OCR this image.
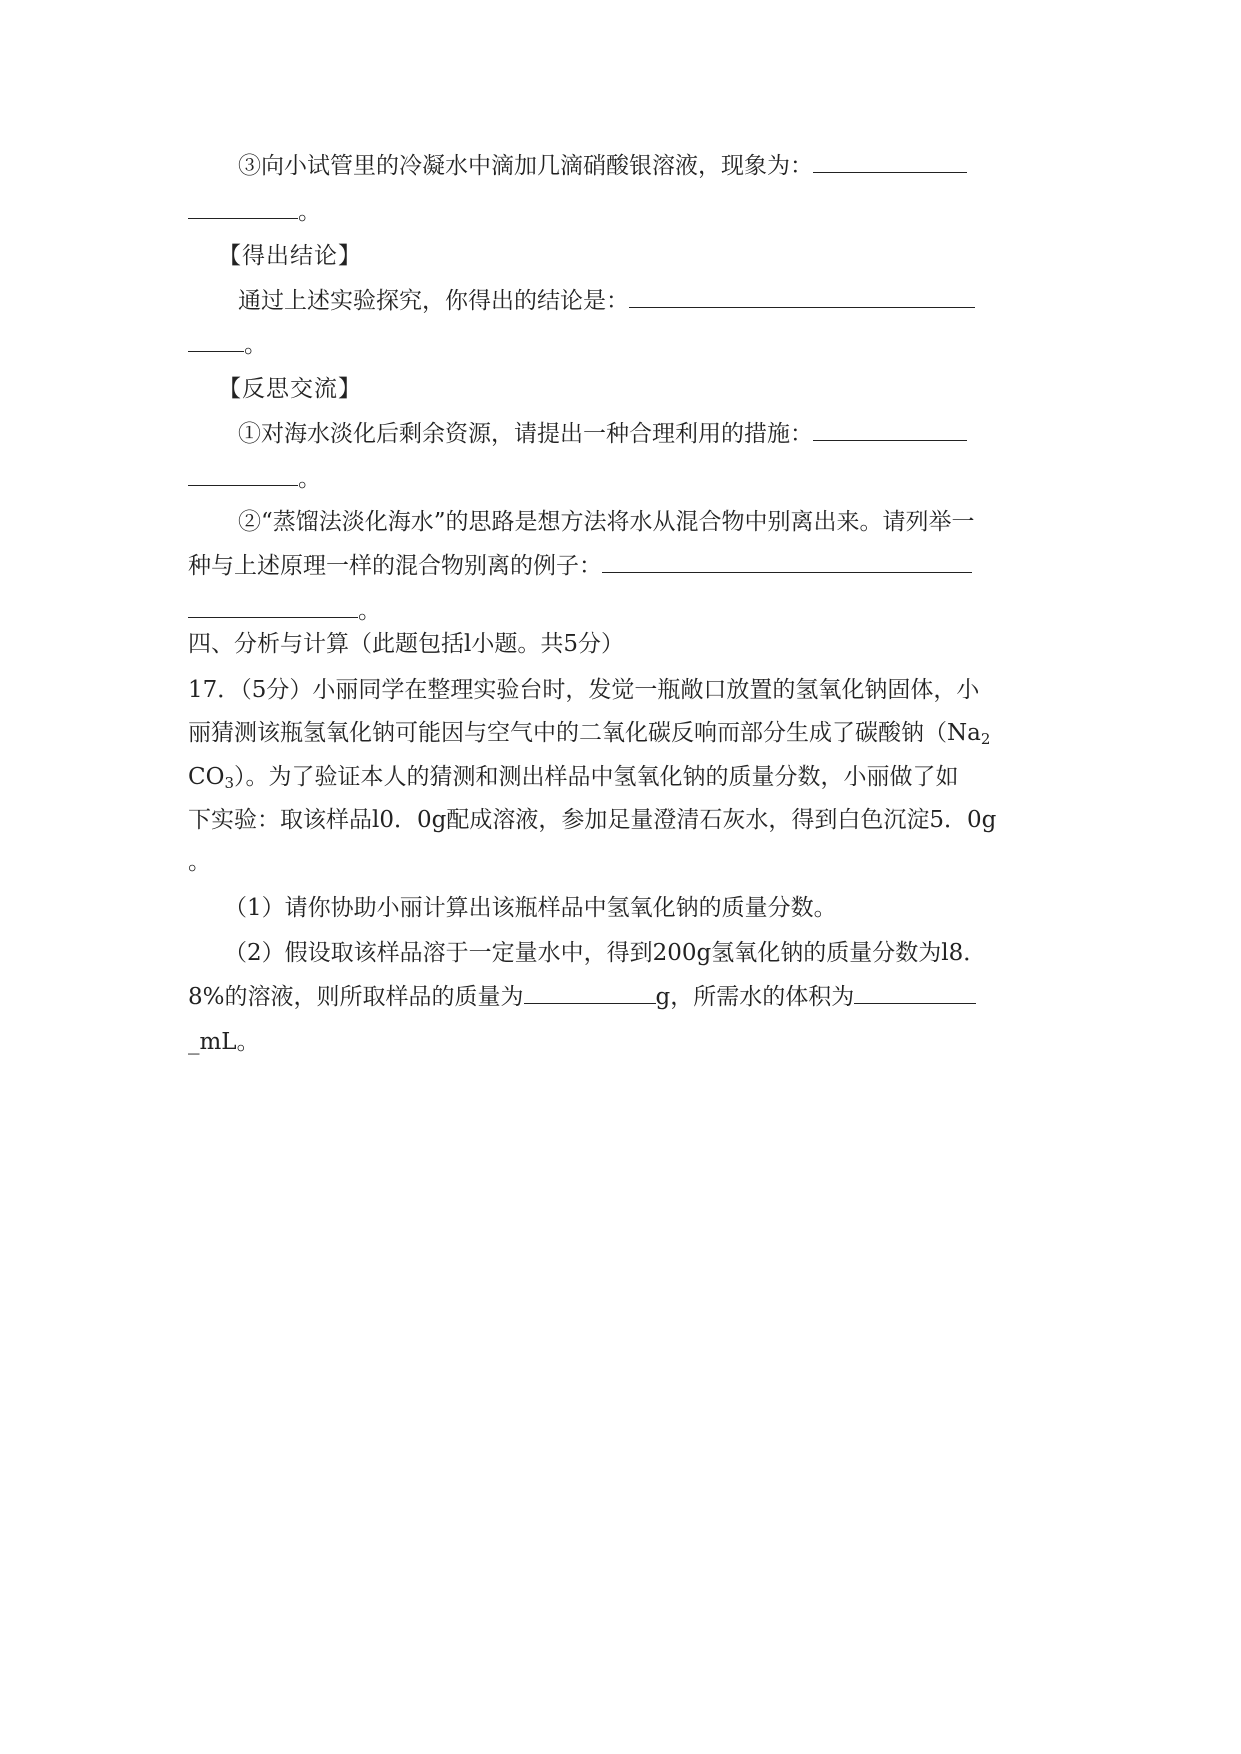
③向小试管里的冷凝水中滴加几滴硝酸银溶液，现象为：
。
【得出结论】
通过上述实验探究，你得出的结论是：
。
【反思交流】
①对海水淡化后剩余资源，请提出一种合理利用的措施：
。
②“蒸馏法淡化海水”的思路是想方法将水从混合物中别离出来。请列举一
种与上述原理一样的混合物别离的例子：
。
四、分析与计算（此题包括l小题。共5分）
17．（5分）小丽同学在整理实验台时，发觉一瓶敞口放置的氢氧化钠固体，小
丽猜测该瓶氢氧化钠可能因与空气中的二氧化碳反响而部分生成了碳酸钠（$Na_2$
$CO_3$）。为了验证本人的猜测和测出样品中氢氧化钠的质量分数，小丽做了如
下实验：取该样品l0．0g配成溶液，参加足量澄清石灰水，得到白色沉淀5．0g
。
（1）请你协助小丽计算出该瓶样品中氢氧化钠的质量分数。
（2）假设取该样品溶于一定量水中，得到200g氢氧化钠的质量分数为l8．
8%的溶液，则所取样品的质量为	g，所需水的体积为
_mL。
